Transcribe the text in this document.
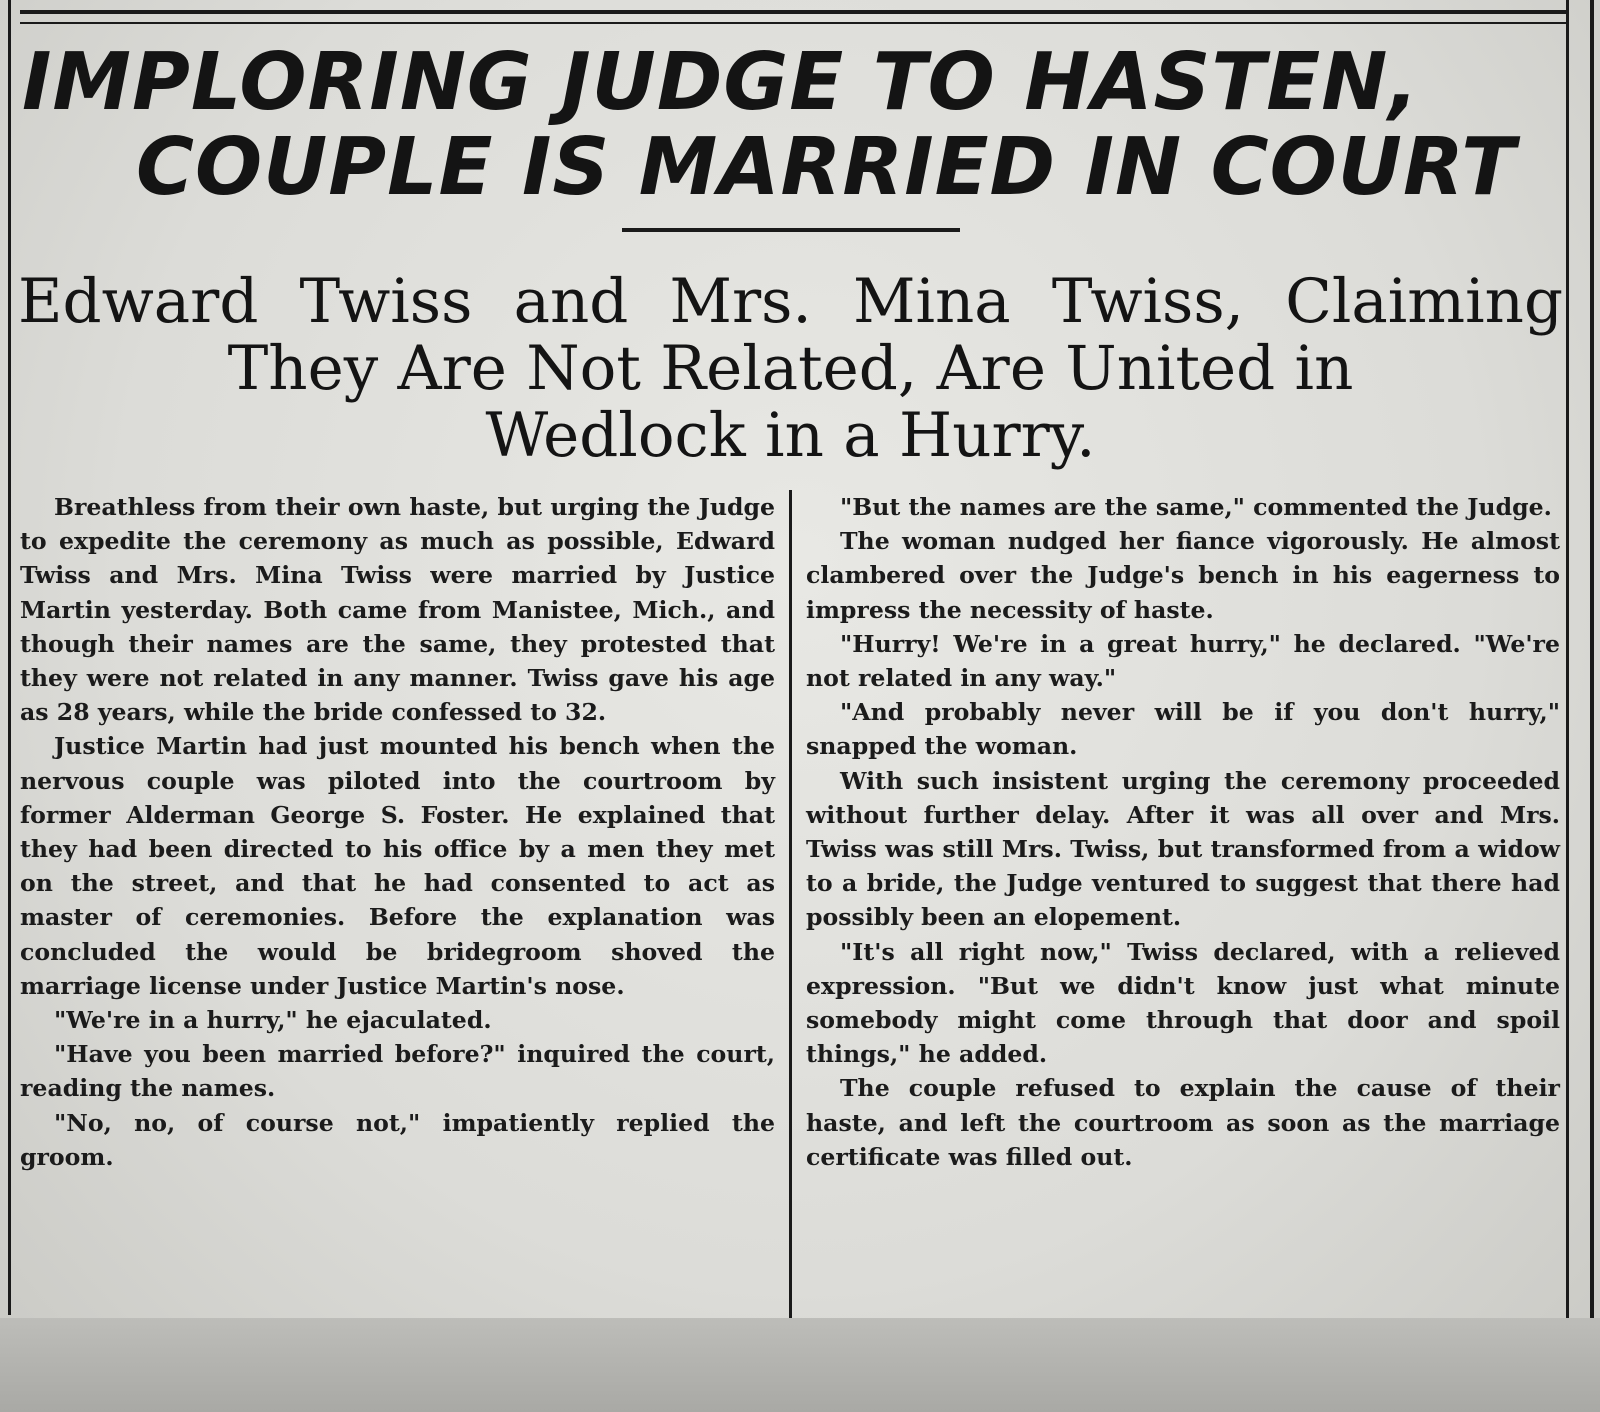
IMPLORING JUDGE TO HASTEN,
COUPLE IS MARRIED IN COURT
Edward Twiss and Mrs. Mina Twiss, Claiming
They Are Not Related, Are United in
Wedlock in a Hurry.

Breathless from their own haste, but urging the Judge to expedite the ceremony as much as possible, Edward Twiss and Mrs. Mina Twiss were married by Justice Martin yesterday. Both came from Manistee, Mich., and though their names are the same, they protested that they were not related in any manner. Twiss gave his age as 28 years, while the bride confessed to 32.

Justice Martin had just mounted his bench when the nervous couple was piloted into the courtroom by former Alderman George S. Foster. He explained that they had been directed to his office by a men they met on the street, and that he had consented to act as master of ceremonies. Before the explanation was concluded the would be bridegroom shoved the marriage license under Justice Martin's nose.

"We're in a hurry," he ejaculated.

"Have you been married before?" inquired the court, reading the names.

"No, no, of course not," impatiently replied the groom.

"But the names are the same," commented the Judge.

The woman nudged her fiance vigorously. He almost clambered over the Judge's bench in his eagerness to impress the necessity of haste.

"Hurry! We're in a great hurry," he declared. "We're not related in any way."

"And probably never will be if you don't hurry," snapped the woman.

With such insistent urging the ceremony proceeded without further delay. After it was all over and Mrs. Twiss was still Mrs. Twiss, but transformed from a widow to a bride, the Judge ventured to suggest that there had possibly been an elopement.

"It's all right now," Twiss declared, with a relieved expression. "But we didn't know just what minute somebody might come through that door and spoil things," he added.

The couple refused to explain the cause of their haste, and left the courtroom as soon as the marriage certificate was filled out.
